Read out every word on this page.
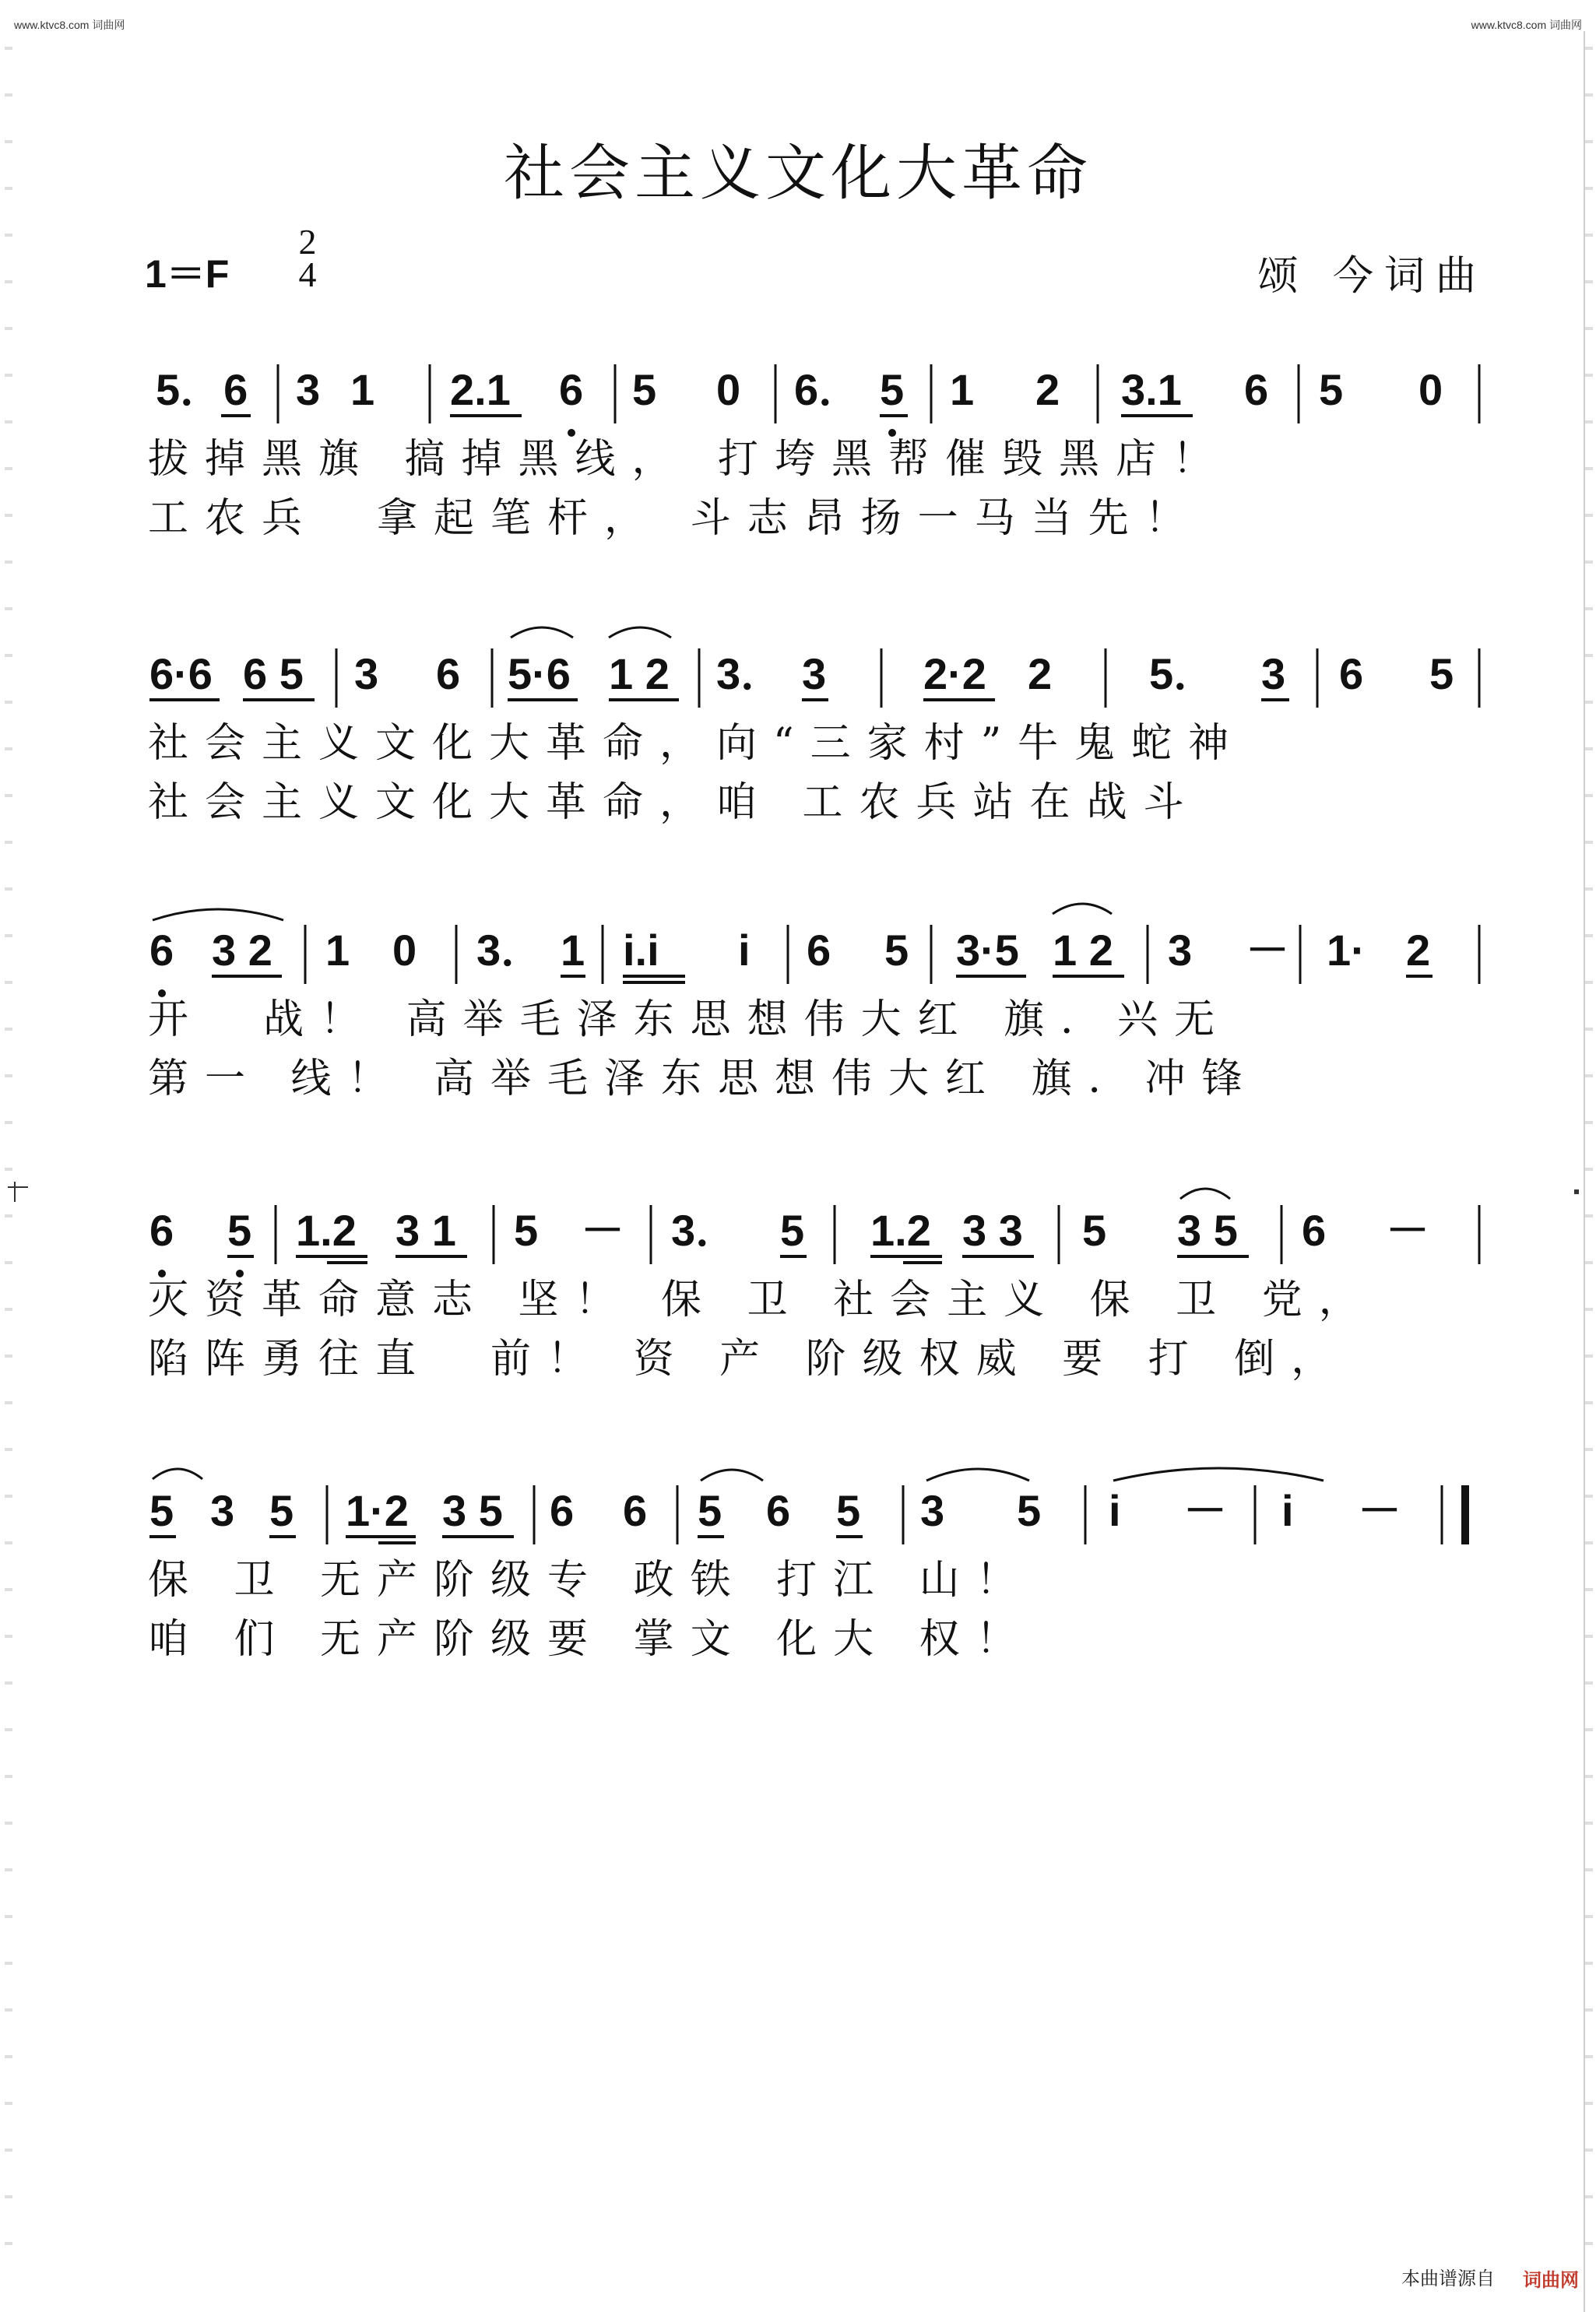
www.ktvc8.com 词曲网	www.ktvc8.com 词曲网
社会主义文化大革命
1＝F
2
4	颂 今词曲
5．6 3 1 2.1 6 5 0 6． 5 1 2 3.1 6 5 0
拔掉黑旗 搞掉黑线， 打垮黑帮催毁黑店！
工农兵  拿起笔杆， 斗志昂扬一马当先！
6·6 6 5 3 6 5·6 1 2 3． 3 2·2 2 5． 3 6 5
社会主义文化大革命，向“三家村”牛鬼蛇神
社会主义文化大革命，咱 工农兵站在战斗
6 3 2 1 0 3． 1 i.i i 6 5 3·5 1 2 3 － 1· 2
开  战！ 高举毛泽东思想伟大红 旗．兴无
第一 线！ 高举毛泽东思想伟大红 旗．冲锋
6 5 1.2 3 1 5 － 3． 5 1.2 3 3 5 3 5 6 －
灭资革命意志 坚！ 保 卫 社会主义 保 卫 党，
陷阵勇往直  前！ 资 产 阶级权威 要 打 倒，
5 3 5 1·2 3 5 6 6 5 6 5 3 5 i － i －
保 卫 无产阶级专 政铁 打江 山！
咱 们 无产阶级要 掌文 化大 权！
本曲谱源自 词曲网
